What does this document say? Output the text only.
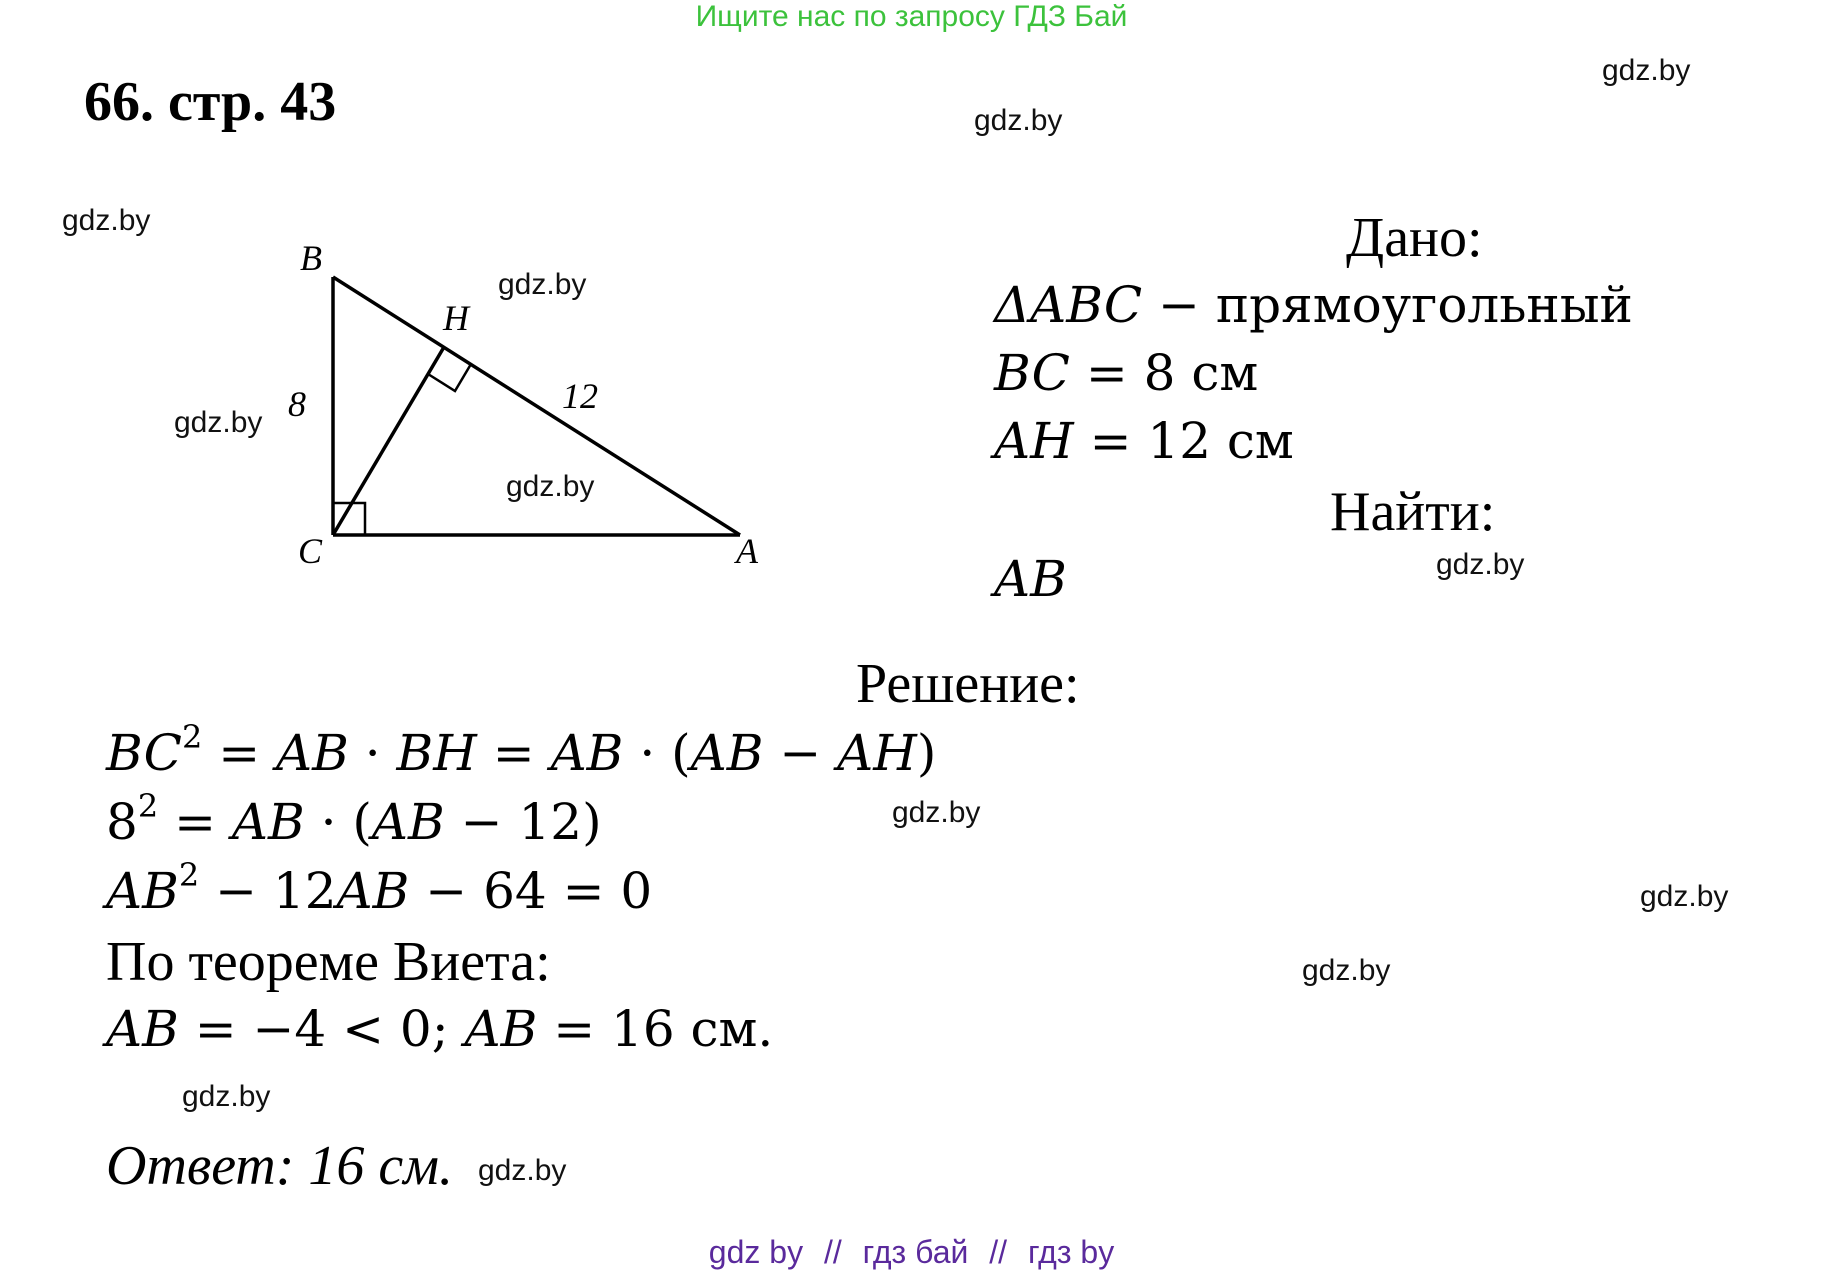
Ищите нас по запросу ГДЗ Бай
66. стр. 43
gdz.by
gdz.by
gdz.by
gdz.by
gdz.by
gdz.by
gdz.by
gdz.by
gdz.by
gdz.by
gdz.by
gdz.by
B
H
C	A
8	12
Дано:
ΔABC − прямоугольный
BC = 8 см
AH = 12 см
Найти:
AB
Решение:
$BC^2$ = AB · BH = AB · (AB − AH)
$8^2$ = AB · (AB − 12)
$AB^2 - 12AB - 64 = 0$
По теореме Виета:
AB = −4 < 0; AB = 16 см.
Ответ: 16 см.
gdz by // гдз бай // гдз by
